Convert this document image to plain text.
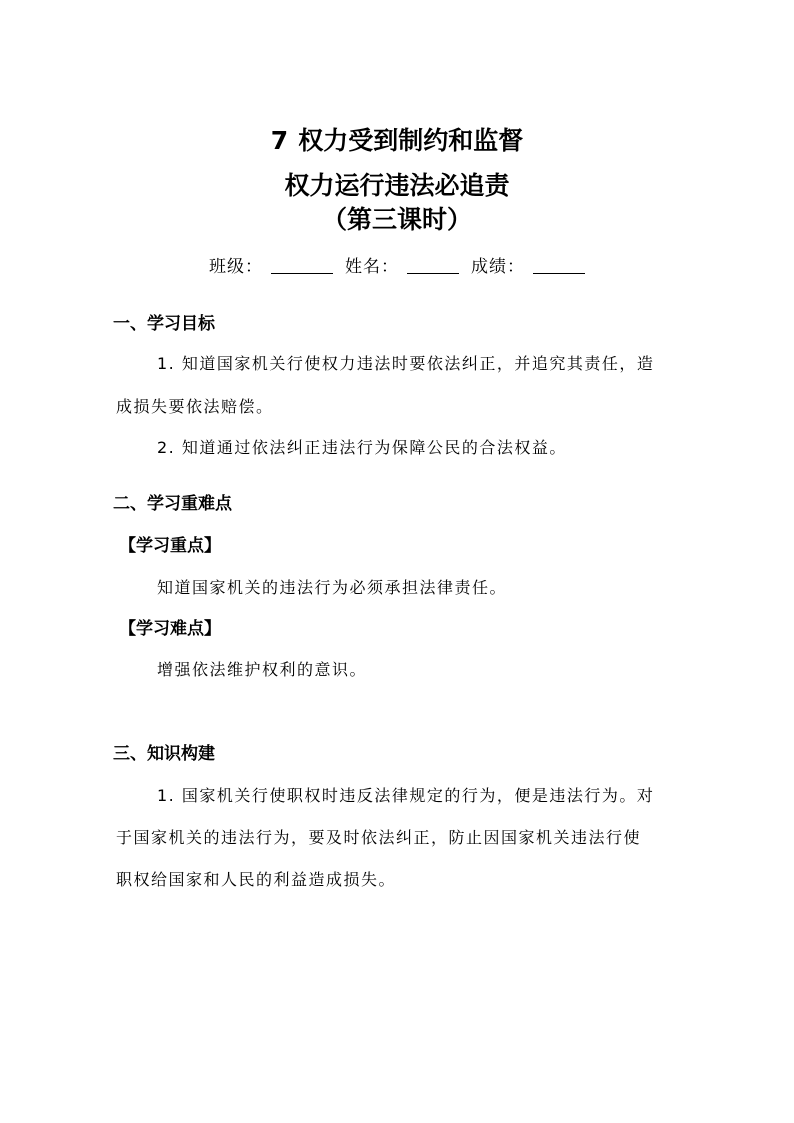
7 权力受到制约和监督
权力运行违法必追责
（第三课时）
班级：	姓名：	成绩：
一、学习目标
1. 知道国家机关行使权力违法时要依法纠正，并追究其责任，造
成损失要依法赔偿。
2. 知道通过依法纠正违法行为保障公民的合法权益。
二、学习重难点
【学习重点】
知道国家机关的违法行为必须承担法律责任。
【学习难点】
增强依法维护权利的意识。
三、知识构建
1. 国家机关行使职权时违反法律规定的行为，便是违法行为。对
于国家机关的违法行为，要及时依法纠正，防止因国家机关违法行使
职权给国家和人民的利益造成损失。
